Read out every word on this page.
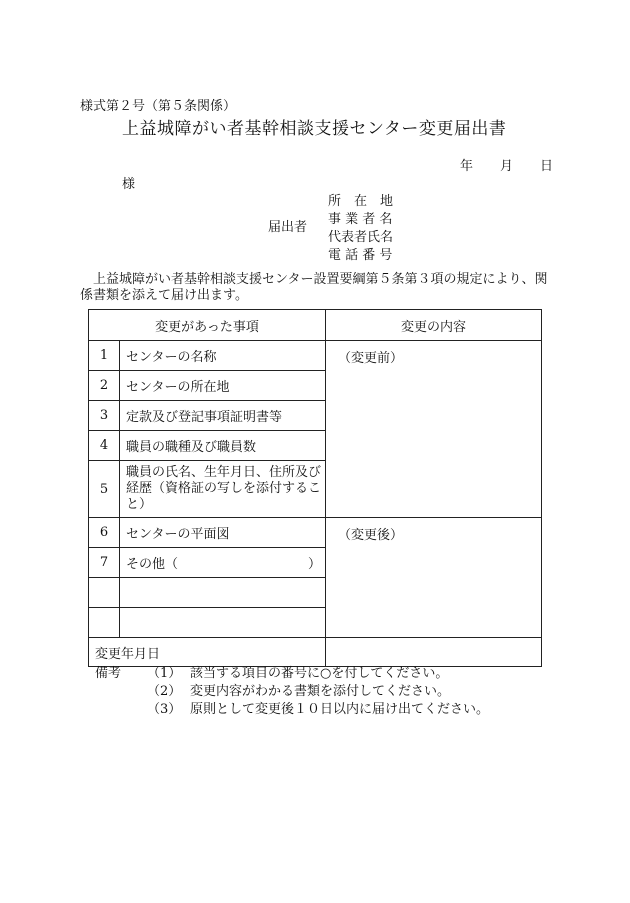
様式第２号（第５条関係）
上益城障がい者基幹相談支援センター変更届出書
年 月 日
様
届出者
所　在　地
事 業 者 名
代表者氏名
電 話 番 号
　上益城障がい者基幹相談支援センター設置要綱第５条第３項の規定により、関係書類を添えて届け出ます。
変更があった事項		変更の内容
1	センターの名称	（変更前）
2	センターの所在地	
3	定款及び登記事項証明書等	
4	職員の職種及び職員数	
5	職員の氏名、生年月日、住所及び経歴（資格証の写しを添付すること）	
6	センターの平面図	（変更後）
7	その他（　　　　　　　　　　）	

変更年月日		
備考 （1） 該当する項目の番号に○を付してください。
（2） 変更内容がわかる書類を添付してください。
（3） 原則として変更後１０日以内に届け出てください。
